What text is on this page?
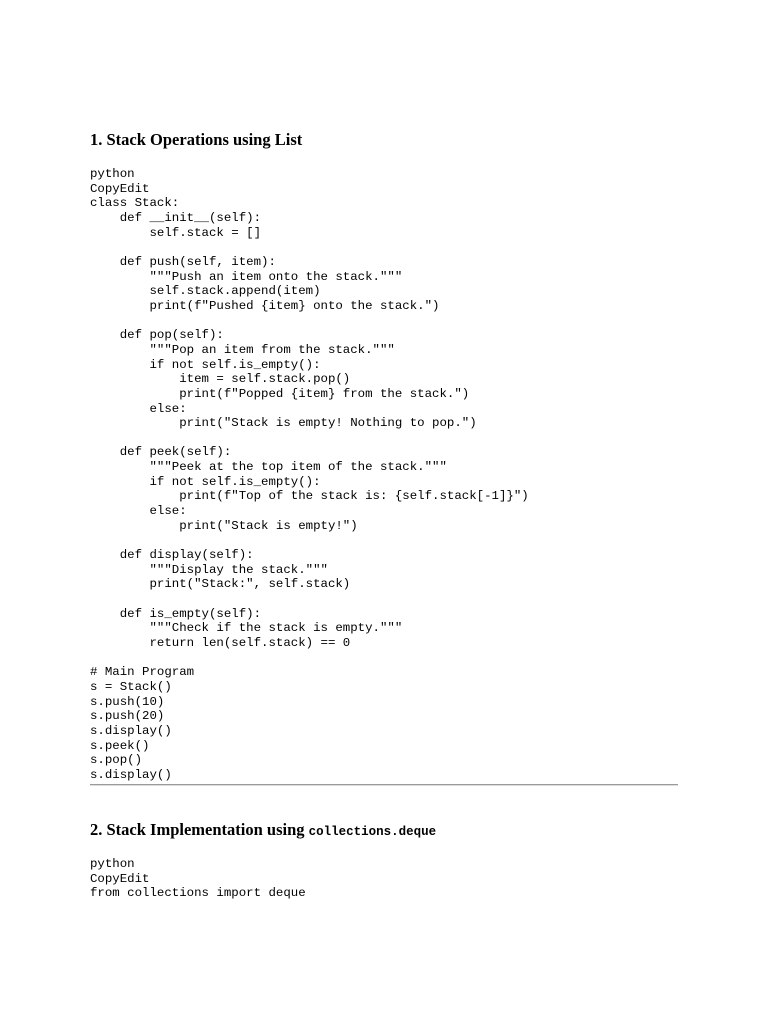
1. Stack Operations using List
python
CopyEdit
class Stack:
def __init__(self):
self.stack = []

def push(self, item):
"""Push an item onto the stack."""
self.stack.append(item)
print(f"Pushed {item} onto the stack.")

def pop(self):
"""Pop an item from the stack."""
if not self.is_empty():
item = self.stack.pop()
print(f"Popped {item} from the stack.")
else:
print("Stack is empty! Nothing to pop.")

def peek(self):
"""Peek at the top item of the stack."""
if not self.is_empty():
print(f"Top of the stack is: {self.stack[-1]}")
else:
print("Stack is empty!")

def display(self):
"""Display the stack."""
print("Stack:", self.stack)

def is_empty(self):
"""Check if the stack is empty."""
return len(self.stack) == 0

# Main Program
s = Stack()
s.push(10)
s.push(20)
s.display()
s.peek()
s.pop()
s.display()
2. Stack Implementation using collections.deque
python
CopyEdit
from collections import deque
